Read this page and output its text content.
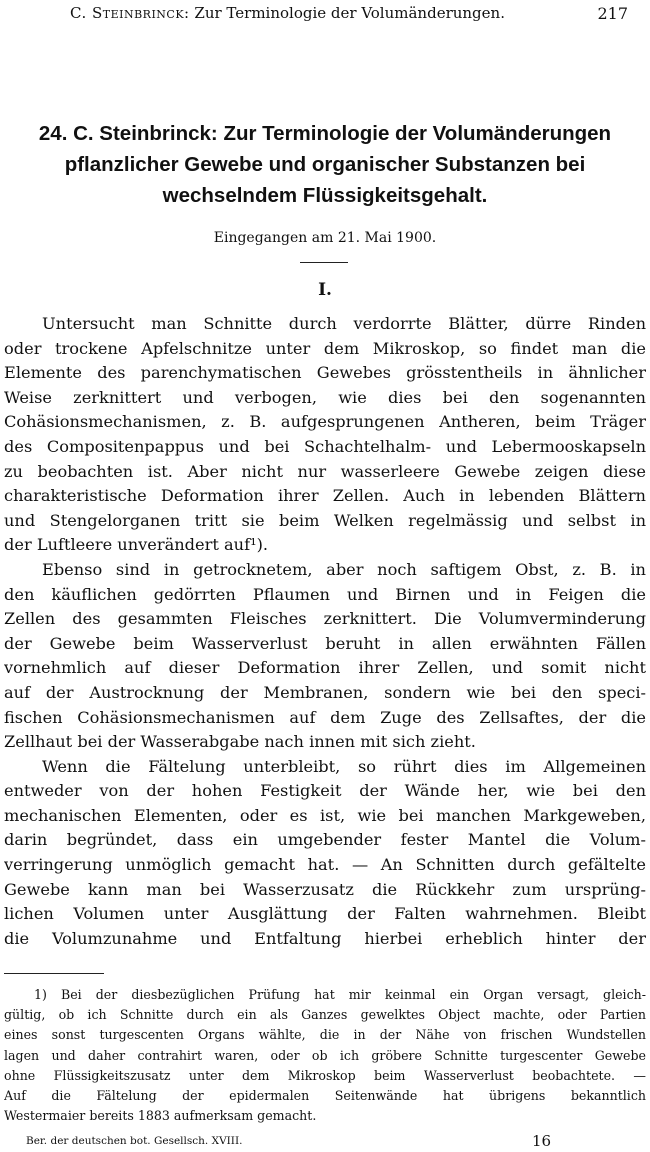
C. Steinbrinck: Zur Terminologie der Volumänderungen.	217
24. C. Steinbrinck: Zur Terminologie der Volumänderungen
pflanzlicher Gewebe und organischer Substanzen bei
wechselndem Flüssigkeitsgehalt.
Eingegangen am 21. Mai 1900.
I.
Untersucht man Schnitte durch verdorrte Blätter, dürre Rinden
oder trockene Apfelschnitze unter dem Mikroskop, so findet man die
Elemente des parenchymatischen Gewebes grösstentheils in ähnlicher
Weise zerknittert und verbogen, wie dies bei den sogenannten
Cohäsionsmechanismen, z. B. aufgesprungenen Antheren, beim Träger
des Compositenpappus und bei Schachtelhalm- und Lebermooskapseln
zu beobachten ist. Aber nicht nur wasserleere Gewebe zeigen diese
charakteristische Deformation ihrer Zellen. Auch in lebenden Blättern
und Stengelorganen tritt sie beim Welken regelmässig und selbst in
der Luftleere unverändert auf¹).
Ebenso sind in getrocknetem, aber noch saftigem Obst, z. B. in
den käuflichen gedörrten Pflaumen und Birnen und in Feigen die
Zellen des gesammten Fleisches zerknittert. Die Volumverminderung
der Gewebe beim Wasserverlust beruht in allen erwähnten Fällen
vornehmlich auf dieser Deformation ihrer Zellen, und somit nicht
auf der Austrocknung der Membranen, sondern wie bei den speci-
fischen Cohäsionsmechanismen auf dem Zuge des Zellsaftes, der die
Zellhaut bei der Wasserabgabe nach innen mit sich zieht.
Wenn die Fältelung unterbleibt, so rührt dies im Allgemeinen
entweder von der hohen Festigkeit der Wände her, wie bei den
mechanischen Elementen, oder es ist, wie bei manchen Markgeweben,
darin begründet, dass ein umgebender fester Mantel die Volum-
verringerung unmöglich gemacht hat. — An Schnitten durch gefältelte
Gewebe kann man bei Wasserzusatz die Rückkehr zum ursprüng-
lichen Volumen unter Ausglättung der Falten wahrnehmen. Bleibt
die Volumzunahme und Entfaltung hierbei erheblich hinter der
1) Bei der diesbezüglichen Prüfung hat mir keinmal ein Organ versagt, gleich-
gültig, ob ich Schnitte durch ein als Ganzes gewelktes Object machte, oder Partien
eines sonst turgescenten Organs wählte, die in der Nähe von frischen Wundstellen
lagen und daher contrahirt waren, oder ob ich gröbere Schnitte turgescenter Gewebe
ohne Flüssigkeitszusatz unter dem Mikroskop beim Wasserverlust beobachtete. —
Auf die Fältelung der epidermalen Seitenwände hat übrigens bekanntlich
Westermaier bereits 1883 aufmerksam gemacht.
Ber. der deutschen bot. Gesellsch. XVIII.	16
